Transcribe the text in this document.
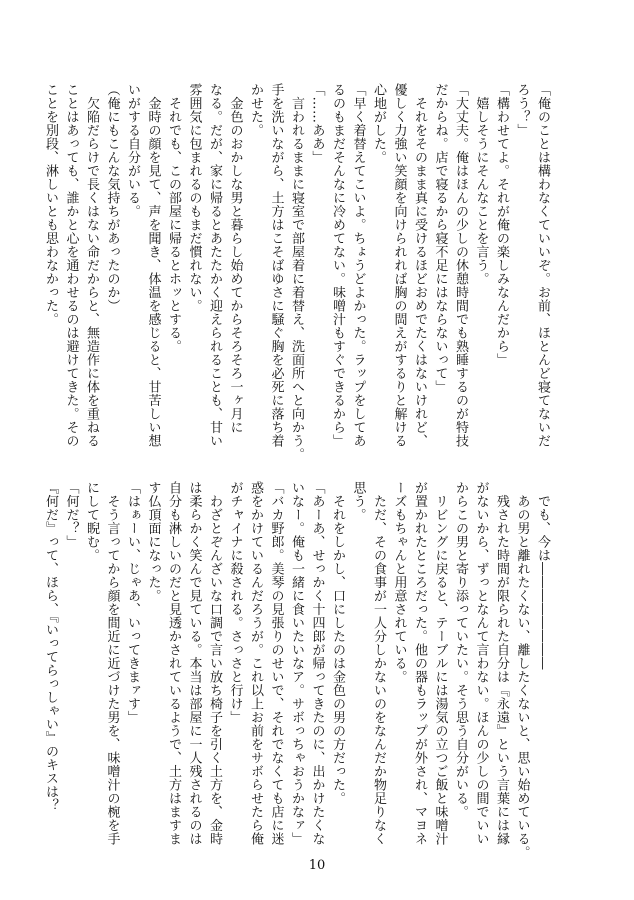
「俺のことは構わなくていいぞ。お前、ほとんど寝てないだ
ろう？」
「構わせてよ。それが俺の楽しみなんだから」
　嬉しそうにそんなことを言う。
「大丈夫。俺はほんの少しの休憩時間でも熟睡するのが特技
だからね。店で寝るから寝不足にはならないって」
　それをそのまま真に受けるほどおめでたくはないけれど、
優しく力強い笑顔を向けられれば胸の閊えがするりと解ける
心地がした。
「早く着替えてこいよ。ちょうどよかった。ラップをしてあ
るのもまだそんなに冷めてない。味噌汁もすぐできるから」
「……ああ」
　言われるままに寝室で部屋着に着替え、洗面所へと向かう。
手を洗いながら、土方はこそばゆさに騒ぐ胸を必死に落ち着
かせた。
　金色のおかしな男と暮らし始めてからそろそろ一ヶ月に
なる。だが、家に帰るとあたたかく迎えられることも、甘い
雰囲気に包まれるのもまだ慣れない。
　それでも、この部屋に帰るとホッとする。
　金時の顔を見て、声を聞き、体温を感じると、甘苦しい想
いがする自分がいる。
（俺にもこんな気持ちがあったのか）
　欠陥だらけで長くはない命だからと、無造作に体を重ねる
ことはあっても、誰かと心を通わせるのは避けてきた。その
ことを別段、淋しいとも思わなかった。
　でも、今は――――――――
　あの男と離れたくない、離したくないと、思い始めている。
　残された時間が限られた自分は『永遠』という言葉には縁
がないから、ずっとなんて言わない。ほんの少しの間でいい
からこの男と寄り添っていたい。そう思う自分がいる。
　リビングに戻ると、テーブルには湯気の立つご飯と味噌汁
が置かれたところだった。他の器もラップが外され、マヨネ
ーズもちゃんと用意されている。
　ただ、その食事が一人分しかないのをなんだか物足りなく
思う。
　それをしかし、口にしたのは金色の男の方だった。
「あーあ、せっかく十四郎が帰ってきたのに、出かけたくな
いなー。俺も一緒に食いたいなア。サボっちゃおうかなァ」
「バカ野郎。美琴の見張りのせいで、それでなくても店に迷
惑をかけているんだろうが。これ以上お前をサボらせたら俺
がチャイナに殺される。さっさと行け」
　わざとぞんざいな口調で言い放ち椅子を引く土方を、金時
は柔らかく笑んで見ている。本当は部屋に一人残されるのは
自分も淋しいのだと見透かされているようで、土方はますま
す仏頂面になった。
「はぁーい、じゃあ、いってきまァす」
　そう言ってから顔を間近に近づけた男を、味噌汁の椀を手
にして睨む。
「何だ？」
『何だ』って、ほら、『いってらっしゃい』のキスは？
10
